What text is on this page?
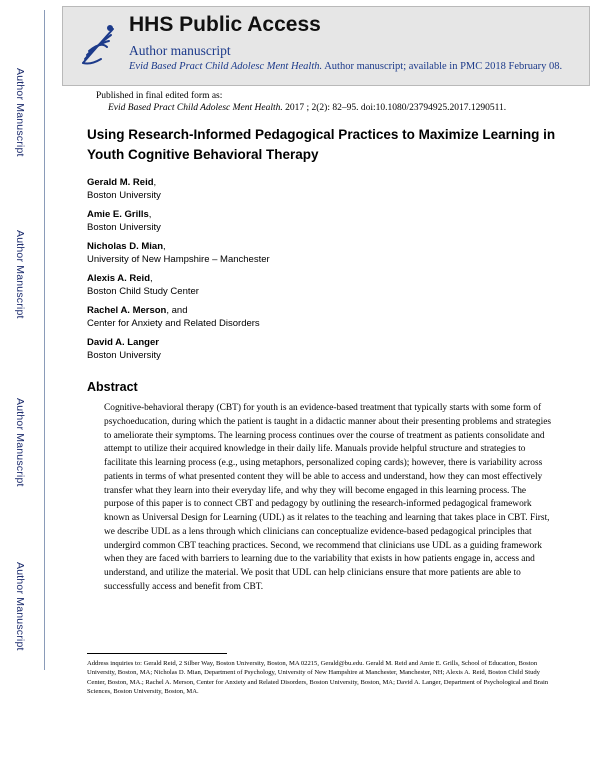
Author Manuscript
Author Manuscript
Author Manuscript
Author Manuscript
HHS Public Access
Author manuscript
Evid Based Pract Child Adolesc Ment Health. Author manuscript; available in PMC 2018 February 08.
Published in final edited form as:
Evid Based Pract Child Adolesc Ment Health. 2017 ; 2(2): 82–95. doi:10.1080/23794925.2017.1290511.
Using Research-Informed Pedagogical Practices to Maximize Learning in Youth Cognitive Behavioral Therapy
Gerald M. Reid,
Boston University
Amie E. Grills,
Boston University
Nicholas D. Mian,
University of New Hampshire – Manchester
Alexis A. Reid,
Boston Child Study Center
Rachel A. Merson, and
Center for Anxiety and Related Disorders
David A. Langer
Boston University
Abstract
Cognitive-behavioral therapy (CBT) for youth is an evidence-based treatment that typically starts with some form of psychoeducation, during which the patient is taught in a didactic manner about their presenting problems and strategies to ameliorate their symptoms. The learning process continues over the course of treatment as patients consolidate and attempt to utilize their acquired knowledge in their daily life. Manuals provide helpful structure and strategies to facilitate this learning process (e.g., using metaphors, personalized coping cards); however, there is variability across patients in terms of what presented content they will be able to access and understand, how they can most effectively transfer what they learn into their everyday life, and why they will become engaged in this learning process. The purpose of this paper is to connect CBT and pedagogy by outlining the research-informed pedagogical framework known as Universal Design for Learning (UDL) as it relates to the teaching and learning that takes place in CBT. First, we describe UDL as a lens through which clinicians can conceptualize evidence-based pedagogical principles that undergird common CBT teaching practices. Second, we recommend that clinicians use UDL as a guiding framework when they are faced with barriers to learning due to the variability that exists in how patients engage in, access and understand, and utilize the material. We posit that UDL can help clinicians ensure that more patients are able to successfully access and benefit from CBT.
Address inquiries to: Gerald Reid, 2 Silber Way, Boston University, Boston, MA 02215, Gerald@bu.edu. Gerald M. Reid and Amie E. Grills, School of Education, Boston University, Boston, MA; Nicholas D. Mian, Department of Psychology, University of New Hampshire at Manchester, Manchester, NH; Alexis A. Reid, Boston Child Study Center, Boston, MA.; Rachel A. Merson, Center for Anxiety and Related Disorders, Boston University, Boston, MA; David A. Langer, Department of Psychological and Brain Sciences, Boston University, Boston, MA.
